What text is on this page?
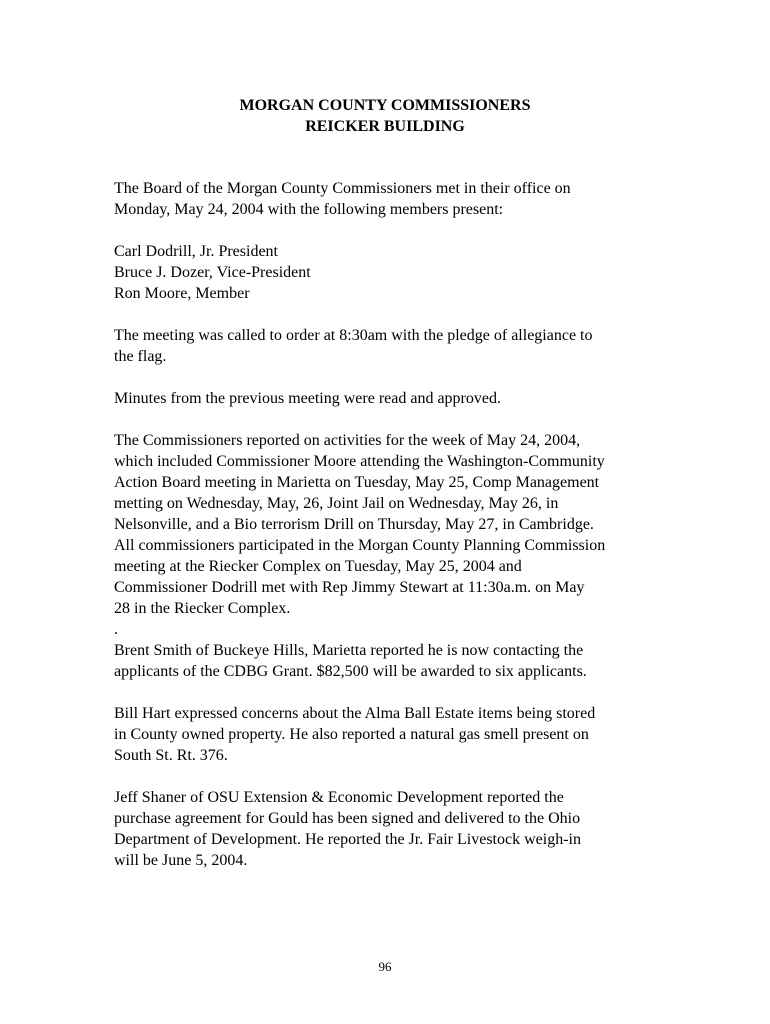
MORGAN COUNTY COMMISSIONERS
REICKER BUILDING

The Board of the Morgan County Commissioners met in their office on
Monday, May 24, 2004 with the following members present:

Carl Dodrill, Jr. President
Bruce J. Dozer, Vice-President
Ron Moore, Member

The meeting was called to order at 8:30am with the pledge of allegiance to
the flag.

Minutes from the previous meeting were read and approved.

The Commissioners reported on activities for the week of May 24, 2004,
which included Commissioner Moore attending the Washington-Community
Action Board meeting in Marietta on Tuesday, May 25, Comp Management
metting on Wednesday, May, 26, Joint Jail on Wednesday, May 26, in
Nelsonville, and a Bio terrorism Drill on Thursday, May 27, in Cambridge.
All commissioners participated in the Morgan County Planning Commission
meeting at the Riecker Complex on Tuesday, May 25, 2004 and
Commissioner Dodrill met with Rep Jimmy Stewart at 11:30a.m. on May
28 in the Riecker Complex.
.

Brent Smith of Buckeye Hills, Marietta reported he is now contacting the
applicants of the CDBG Grant. $82,500 will be awarded to six applicants.

Bill Hart expressed concerns about the Alma Ball Estate items being stored
in County owned property. He also reported a natural gas smell present on
South St. Rt. 376.

Jeff Shaner of OSU Extension & Economic Development reported the
purchase agreement for Gould has been signed and delivered to the Ohio
Department of Development. He reported the Jr. Fair Livestock weigh-in
will be June 5, 2004.

96
